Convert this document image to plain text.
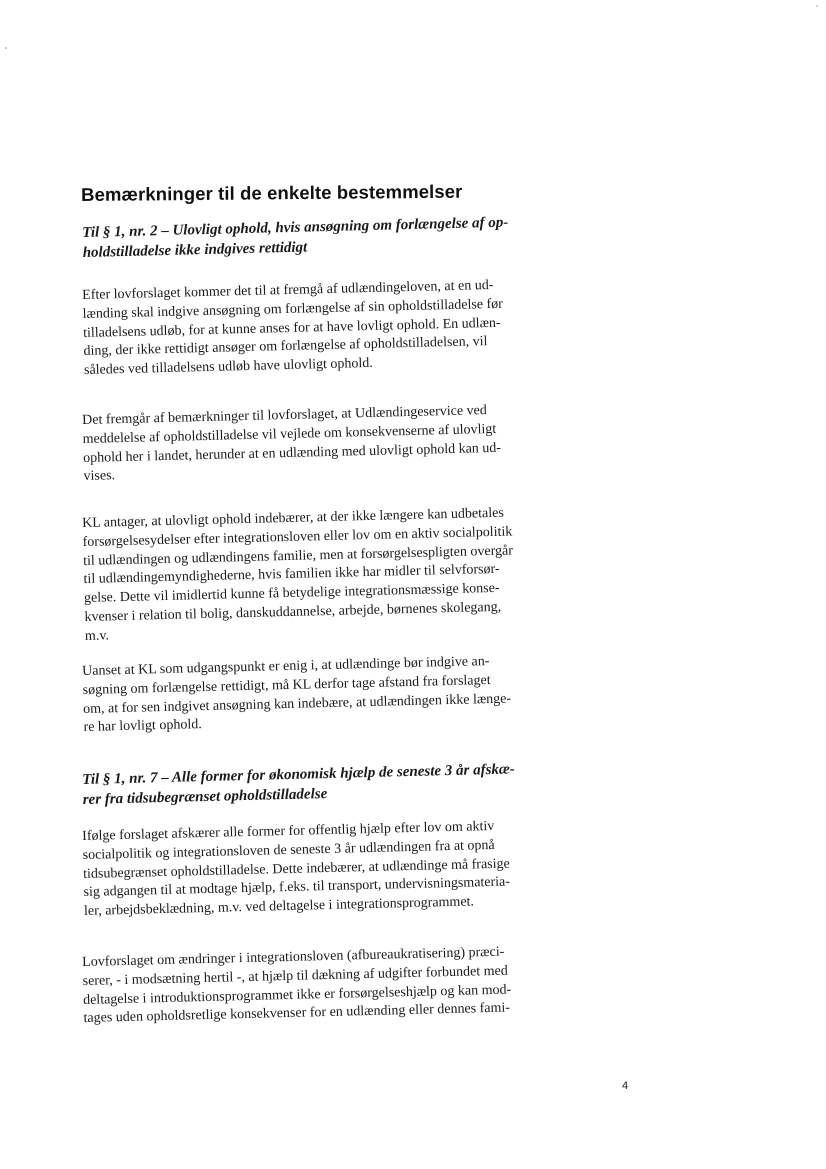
Bemærkninger til de enkelte bestemmelser
Til § 1, nr. 2 – Ulovligt ophold, hvis ansøgning om forlængelse af op-
holdstilladelse ikke indgives rettidigt
Efter lovforslaget kommer det til at fremgå af udlændingeloven, at en ud-
lænding skal indgive ansøgning om forlængelse af sin opholdstilladelse før
tilladelsens udløb, for at kunne anses for at have lovligt ophold. En udlæn-
ding, der ikke rettidigt ansøger om forlængelse af opholdstilladelsen, vil
således ved tilladelsens udløb have ulovligt ophold.
Det fremgår af bemærkninger til lovforslaget, at Udlændingeservice ved
meddelelse af opholdstilladelse vil vejlede om konsekvenserne af ulovligt
ophold her i landet, herunder at en udlænding med ulovligt ophold kan ud-
vises.
KL antager, at ulovligt ophold indebærer, at der ikke længere kan udbetales
forsørgelsesydelser efter integrationsloven eller lov om en aktiv socialpolitik
til udlændingen og udlændingens familie, men at forsørgelsespligten overgår
til udlændingemyndighederne, hvis familien ikke har midler til selvforsør-
gelse. Dette vil imidlertid kunne få betydelige integrationsmæssige konse-
kvenser i relation til bolig, danskuddannelse, arbejde, børnenes skolegang,
m.v.
Uanset at KL som udgangspunkt er enig i, at udlændinge bør indgive an-
søgning om forlængelse rettidigt, må KL derfor tage afstand fra forslaget
om, at for sen indgivet ansøgning kan indebære, at udlændingen ikke længe-
re har lovligt ophold.
Til § 1, nr. 7 – Alle former for økonomisk hjælp de seneste 3 år afskæ-
rer fra tidsubegrænset opholdstilladelse
Ifølge forslaget afskærer alle former for offentlig hjælp efter lov om aktiv
socialpolitik og integrationsloven de seneste 3 år udlændingen fra at opnå
tidsubegrænset opholdstilladelse. Dette indebærer, at udlændinge må frasige
sig adgangen til at modtage hjælp, f.eks. til transport, undervisningsmateria-
ler, arbejdsbeklædning, m.v. ved deltagelse i integrationsprogrammet.
Lovforslaget om ændringer i integrationsloven (afbureaukratisering) præci-
serer, - i modsætning hertil -, at hjælp til dækning af udgifter forbundet med
deltagelse i introduktionsprogrammet ikke er forsørgelseshjælp og kan mod-
tages uden opholdsretlige konsekvenser for en udlænding eller dennes fami-
4
